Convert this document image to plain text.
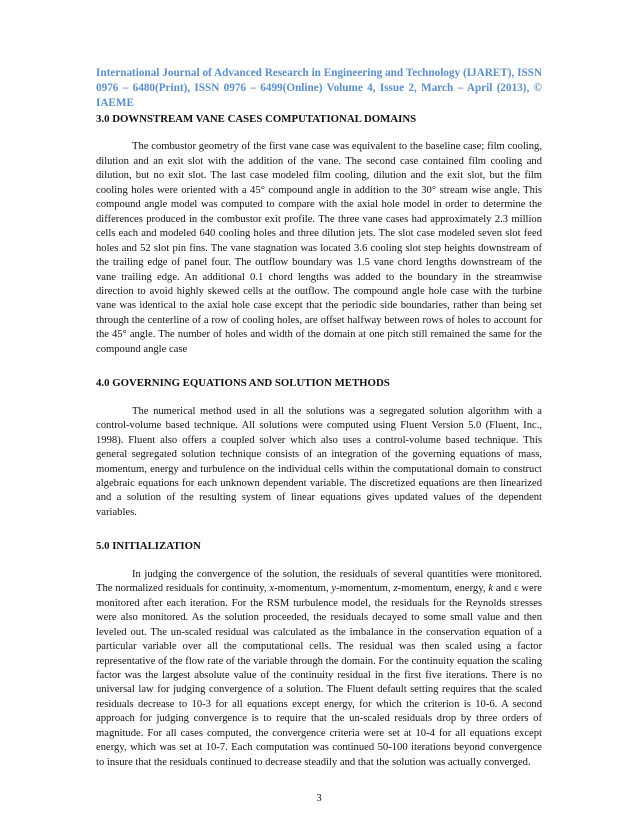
International Journal of Advanced Research in Engineering and Technology (IJARET), ISSN 0976 – 6480(Print), ISSN 0976 – 6499(Online) Volume 4, Issue 2, March – April (2013), © IAEME
3.0 DOWNSTREAM VANE CASES COMPUTATIONAL DOMAINS

The combustor geometry of the first vane case was equivalent to the baseline case; film cooling, dilution and an exit slot with the addition of the vane. The second case contained film cooling and dilution, but no exit slot. The last case modeled film cooling, dilution and the exit slot, but the film cooling holes were oriented with a 45° compound angle in addition to the 30° stream wise angle. This compound angle model was computed to compare with the axial hole model in order to determine the differences produced in the combustor exit profile. The three vane cases had approximately 2.3 million cells each and modeled 640 cooling holes and three dilution jets. The slot case modeled seven slot feed holes and 52 slot pin fins. The vane stagnation was located 3.6 cooling slot step heights downstream of the trailing edge of panel four. The outflow boundary was 1.5 vane chord lengths downstream of the vane trailing edge. An additional 0.1 chord lengths was added to the boundary in the streamwise direction to avoid highly skewed cells at the outflow. The compound angle hole case with the turbine vane was identical to the axial hole case except that the periodic side boundaries, rather than being set through the centerline of a row of cooling holes, are offset halfway between rows of holes to account for the 45° angle. The number of holes and width of the domain at one pitch still remained the same for the compound angle case

4.0 GOVERNING EQUATIONS AND SOLUTION METHODS

The numerical method used in all the solutions was a segregated solution algorithm with a control-volume based technique. All solutions were computed using Fluent Version 5.0 (Fluent, Inc., 1998). Fluent also offers a coupled solver which also uses a control-volume based technique. This general segregated solution technique consists of an integration of the governing equations of mass, momentum, energy and turbulence on the individual cells within the computational domain to construct algebraic equations for each unknown dependent variable. The discretized equations are then linearized and a solution of the resulting system of linear equations gives updated values of the dependent variables.

5.0 INITIALIZATION

In judging the convergence of the solution, the residuals of several quantities were monitored. The normalized residuals for continuity, x-momentum, y-momentum, z-momentum, energy, k and ε were monitored after each iteration. For the RSM turbulence model, the residuals for the Reynolds stresses were also monitored. As the solution proceeded, the residuals decayed to some small value and then leveled out. The un-scaled residual was calculated as the imbalance in the conservation equation of a particular variable over all the computational cells. The residual was then scaled using a factor representative of the flow rate of the variable through the domain. For the continuity equation the scaling factor was the largest absolute value of the continuity residual in the first five iterations. There is no universal law for judging convergence of a solution. The Fluent default setting requires that the scaled residuals decrease to 10-3 for all equations except energy, for which the criterion is 10-6. A second approach for judging convergence is to require that the un-scaled residuals drop by three orders of magnitude. For all cases computed, the convergence criteria were set at 10-4 for all equations except energy, which was set at 10-7. Each computation was continued 50-100 iterations beyond convergence to insure that the residuals continued to decrease steadily and that the solution was actually converged.

3
